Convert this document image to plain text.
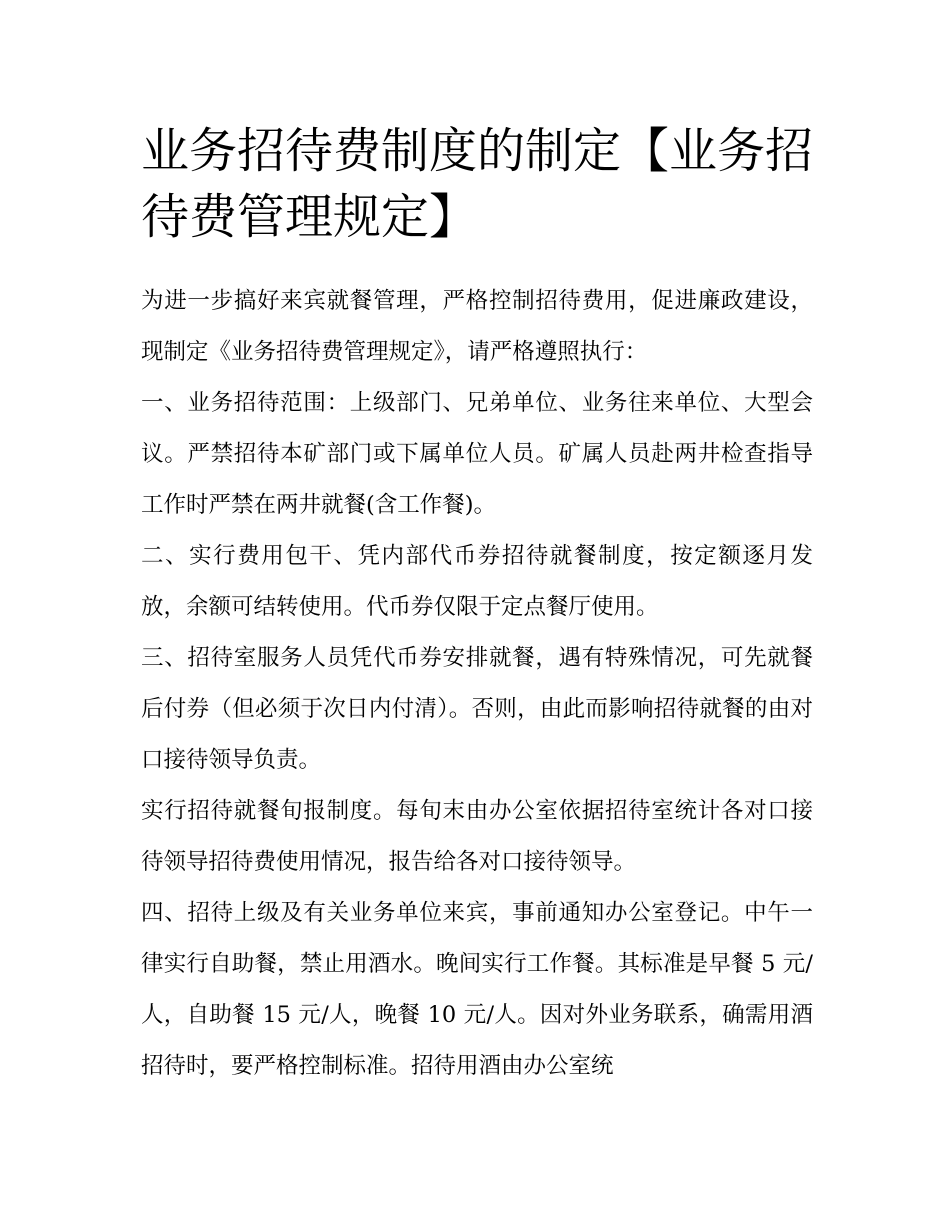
业务招待费制度的制定【业务招待费管理规定】

为进一步搞好来宾就餐管理，严格控制招待费用，促进廉政建设，现制定《业务招待费管理规定》，请严格遵照执行：

一、业务招待范围：上级部门、兄弟单位、业务往来单位、大型会议。严禁招待本矿部门或下属单位人员。矿属人员赴两井检查指导工作时严禁在两井就餐(含工作餐)。

二、实行费用包干、凭内部代币券招待就餐制度，按定额逐月发放，余额可结转使用。代币券仅限于定点餐厅使用。

三、招待室服务人员凭代币券安排就餐，遇有特殊情况，可先就餐后付券（但必须于次日内付清）。否则，由此而影响招待就餐的由对口接待领导负责。

实行招待就餐旬报制度。每旬末由办公室依据招待室统计各对口接待领导招待费使用情况，报告给各对口接待领导。

四、招待上级及有关业务单位来宾，事前通知办公室登记。中午一律实行自助餐，禁止用酒水。晚间实行工作餐。其标准是早餐 5 元/人，自助餐 15 元/人，晚餐 10 元/人。因对外业务联系，确需用酒招待时，要严格控制标准。招待用酒由办公室统
